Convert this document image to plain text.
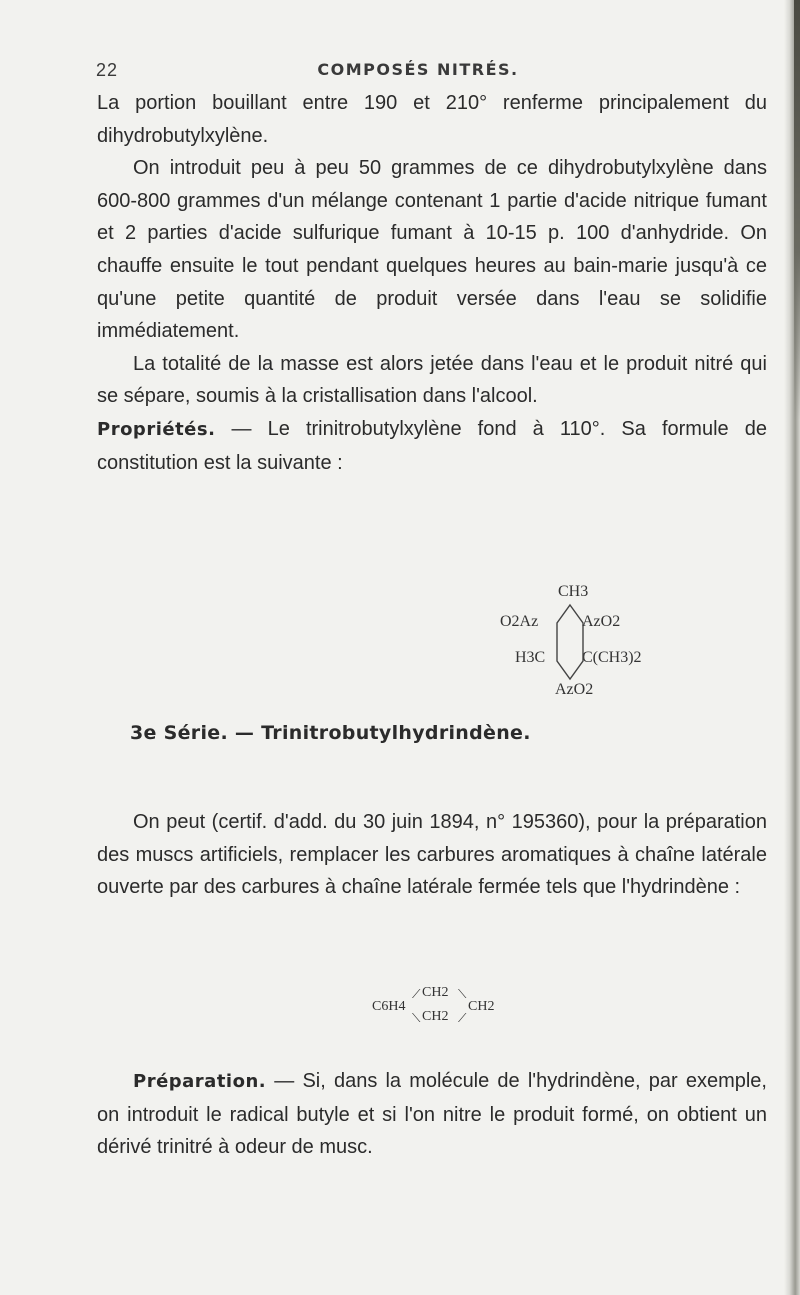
22	COMPOSÉS NITRÉS.

La portion bouillant entre 190 et 210° renferme principalement du dihydrobutylxylène.

On introduit peu à peu 50 grammes de ce dihydrobutylxylène dans 600-800 grammes d'un mélange contenant 1 partie d'acide nitrique fumant et 2 parties d'acide sulfurique fumant à 10-15 p. 100 d'anhydride. On chauffe ensuite le tout pendant quelques heures au bain-marie jusqu'à ce qu'une petite quantité de produit versée dans l'eau se solidifie immédiatement.

La totalité de la masse est alors jetée dans l'eau et le produit nitré qui se sépare, soumis à la cristallisation dans l'alcool.

Propriétés. — Le trinitrobutylxylène fond à 110°. Sa formule de constitution est la suivante :

CH3
O2Az	AzO2
H3C C(CH3)2
AzO2
3e Série. — Trinitrobutylhydrindène.

On peut (certif. d'add. du 30 juin 1894, n° 195360), pour la préparation des muscs artificiels, remplacer les carbures aromatiques à chaîne latérale ouverte par des carbures à chaîne latérale fermée tels que l'hydrindène :

C6H4
⟋ CH2
⟍ CH2
⟍
⟋
CH2

Préparation. — Si, dans la molécule de l'hydrindène, par exemple, on introduit le radical butyle et si l'on nitre le produit formé, on obtient un dérivé trinitré à odeur de musc.
